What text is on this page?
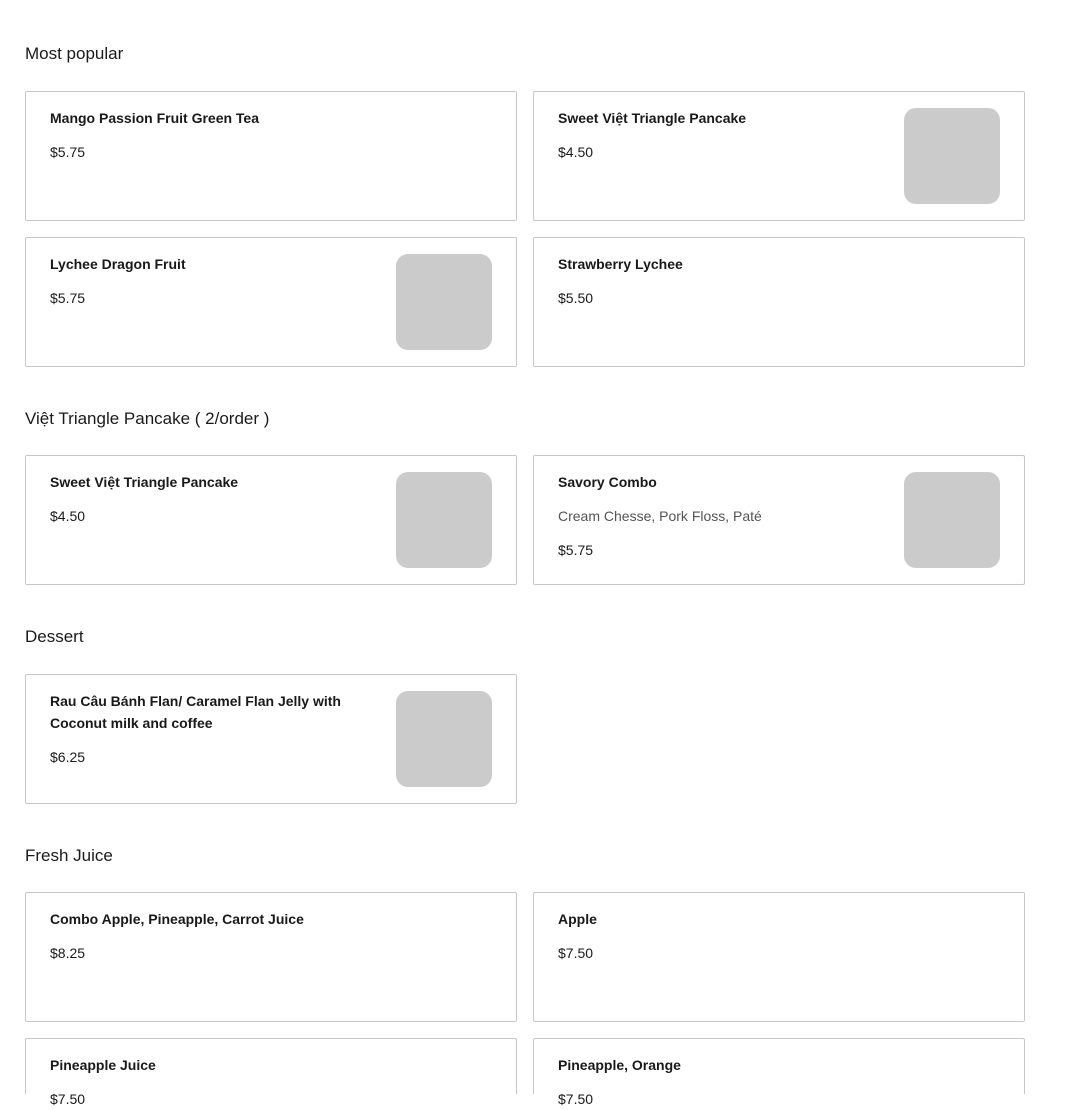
Most popular
Mango Passion Fruit Green Tea
$5.75
Sweet Việt Triangle Pancake
$4.50
Lychee Dragon Fruit
$5.75
Strawberry Lychee
$5.50
Việt Triangle Pancake ( 2/order )
Sweet Việt Triangle Pancake
$4.50
Savory Combo
Cream Chesse, Pork Floss, Paté
$5.75
Dessert
Rau Câu Bánh Flan/ Caramel Flan Jelly with Coconut milk and coffee
$6.25
Fresh Juice
Combo Apple, Pineapple, Carrot Juice
$8.25
Apple
$7.50
Pineapple Juice
$7.50
Pineapple, Orange
$7.50
